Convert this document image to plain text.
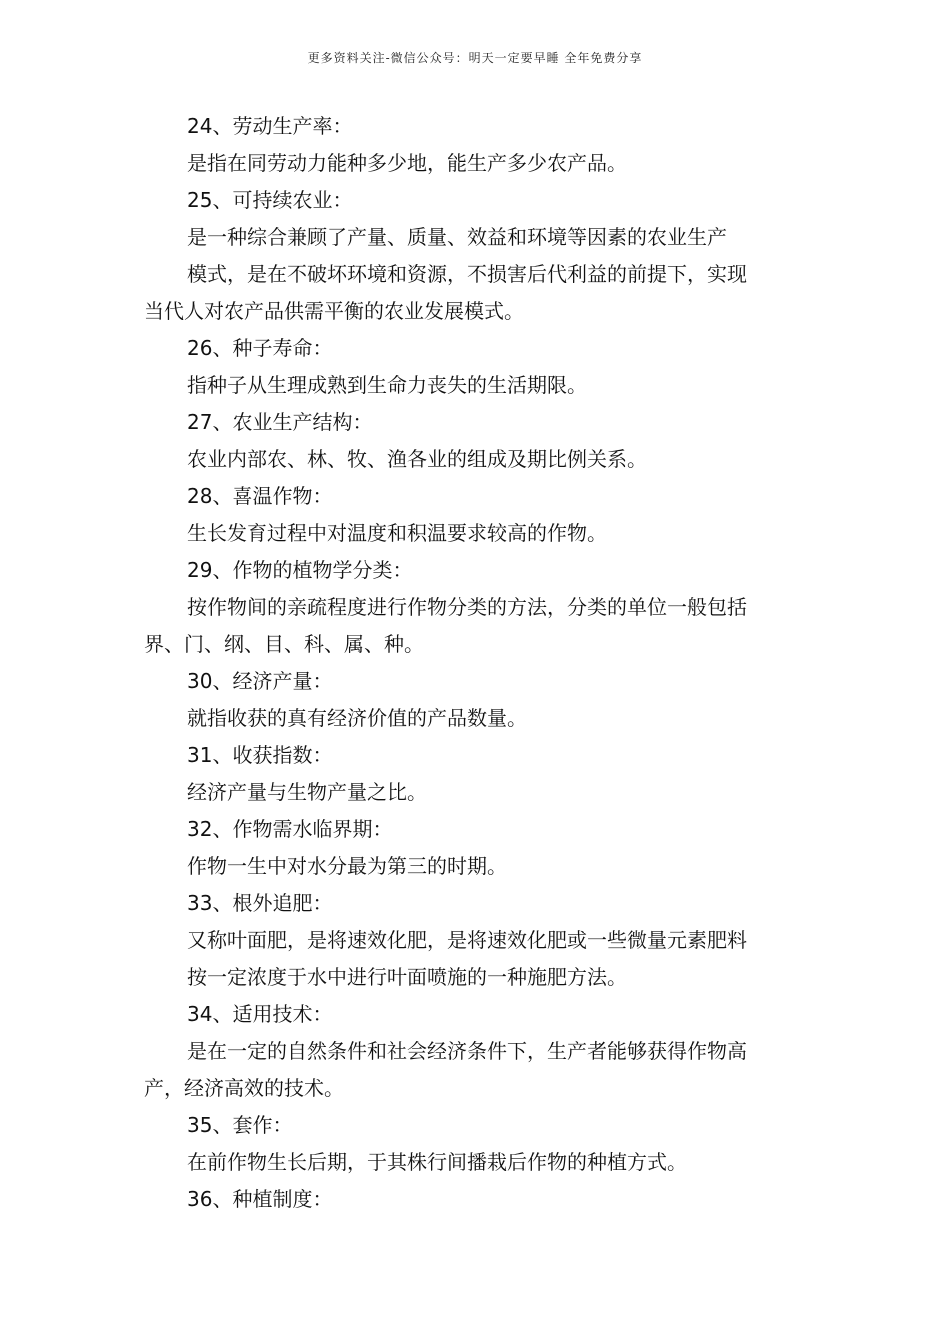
更多资料关注-微信公众号：明天一定要早睡 全年免费分享
24、劳动生产率：
是指在同劳动力能种多少地，能生产多少农产品。
25、可持续农业：
是一种综合兼顾了产量、质量、效益和环境等因素的农业生产
模式，是在不破坏环境和资源，不损害后代利益的前提下，实现
当代人对农产品供需平衡的农业发展模式。
26、种子寿命：
指种子从生理成熟到生命力丧失的生活期限。
27、农业生产结构：
农业内部农、林、牧、渔各业的组成及期比例关系。
28、喜温作物：
生长发育过程中对温度和积温要求较高的作物。
29、作物的植物学分类：
按作物间的亲疏程度进行作物分类的方法，分类的单位一般包括
界、门、纲、目、科、属、种。
30、经济产量：
就指收获的真有经济价值的产品数量。
31、收获指数：
经济产量与生物产量之比。
32、作物需水临界期：
作物一生中对水分最为第三的时期。
33、根外追肥：
又称叶面肥，是将速效化肥，是将速效化肥或一些微量元素肥料
按一定浓度于水中进行叶面喷施的一种施肥方法。
34、适用技术：
是在一定的自然条件和社会经济条件下，生产者能够获得作物高
产，经济高效的技术。
35、套作：
在前作物生长后期，于其株行间播栽后作物的种植方式。
36、种植制度：
